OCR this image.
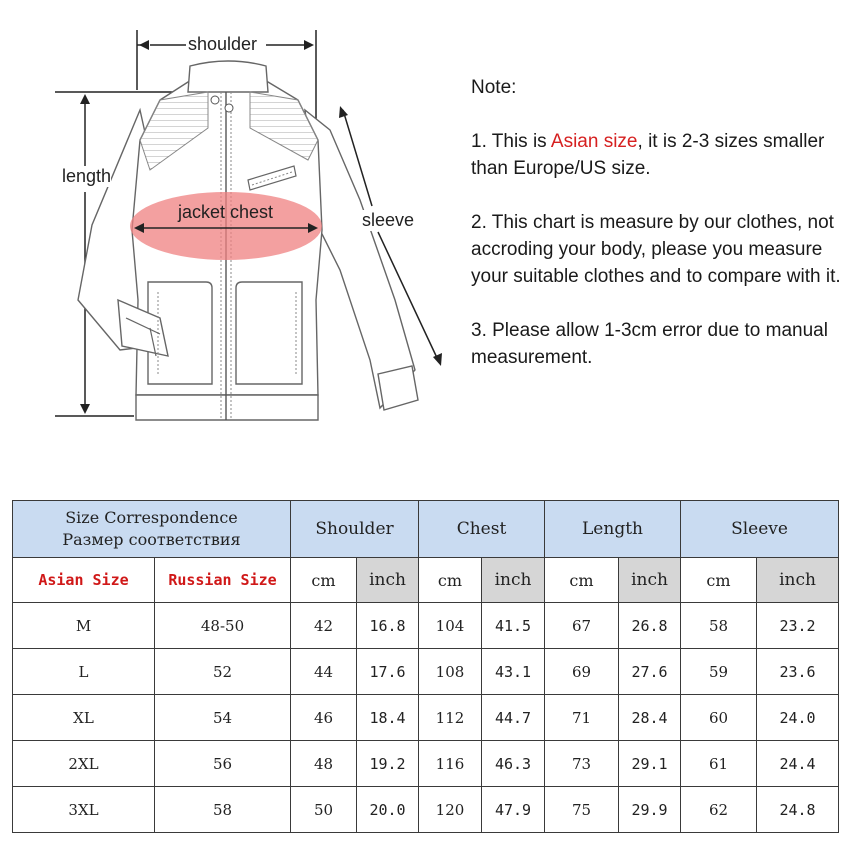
shoulder
length
jacket chest	sleeve

Note:

1. This is Asian size, it is 2-3 sizes smaller than Europe/US size.

2. This chart is measure by our clothes, not accroding your body, please you measure your suitable clothes and to compare with it.

3. Please allow 1-3cm error due to manual measurement.

Size Correspondence
Размер соответствия		Shoulder		Chest		Length		Sleeve	
Asian Size	Russian Size	cm	inch	cm	inch	cm	inch	cm	inch
M	48-50	42	16.8	104	41.5	67	26.8	58	23.2
L	52	44	17.6	108	43.1	69	27.6	59	23.6
XL	54	46	18.4	112	44.7	71	28.4	60	24.0
2XL	56	48	19.2	116	46.3	73	29.1	61	24.4
3XL	58	50	20.0	120	47.9	75	29.9	62	24.8
